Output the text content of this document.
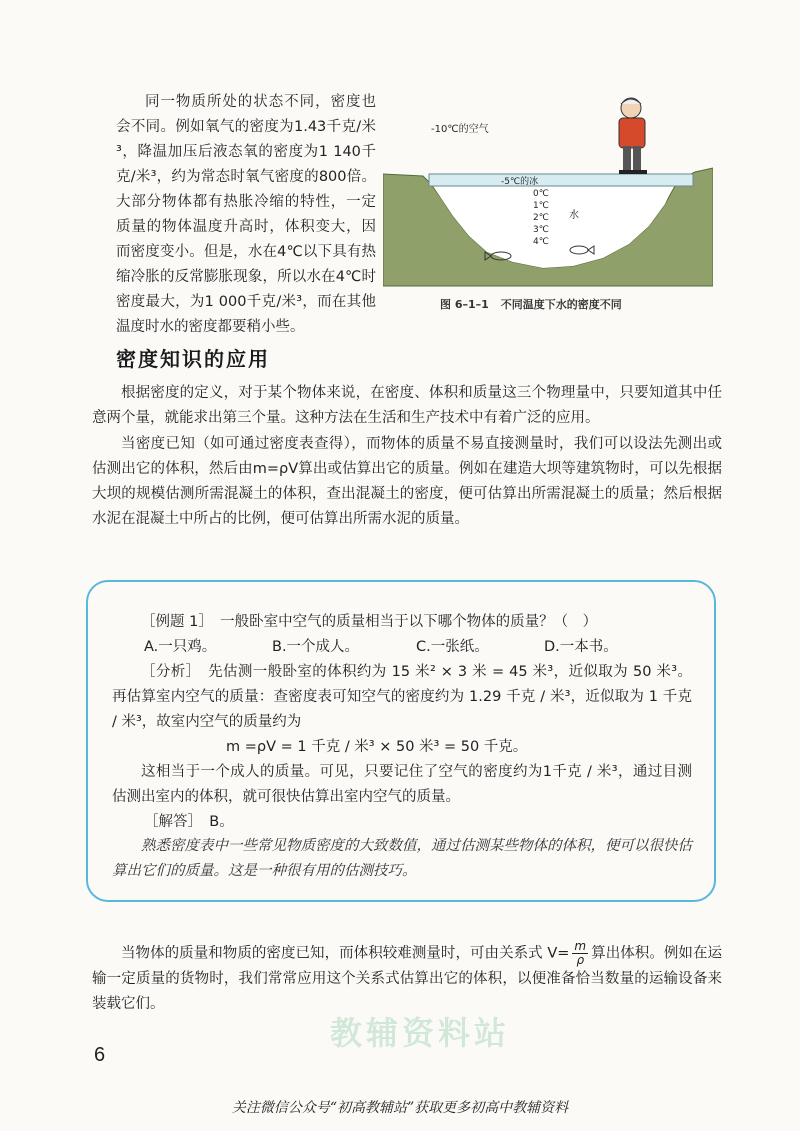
同一物质所处的状态不同，密度也会不同。例如氧气的密度为1.43千克/米³，降温加压后液态氧的密度为1 140千克/米³，约为常态时氧气密度的800倍。大部分物体都有热胀冷缩的特性，一定质量的物体温度升高时，体积变大，因而密度变小。但是，水在4℃以下具有热缩冷胀的反常膨胀现象，所以水在4℃时密度最大，为1 000千克/米³，而在其他温度时水的密度都要稍小些。

-10℃的空气
-5℃的冰
水
0℃
1℃
2℃
3℃
4℃
图 6–1–1 不同温度下水的密度不同
密度知识的应用

根据密度的定义，对于某个物体来说，在密度、体积和质量这三个物理量中，只要知道其中任意两个量，就能求出第三个量。这种方法在生活和生产技术中有着广泛的应用。

当密度已知（如可通过密度表查得），而物体的质量不易直接测量时，我们可以设法先测出或估测出它的体积，然后由m=ρV算出或估算出它的质量。例如在建造大坝等建筑物时，可以先根据大坝的规模估测所需混凝土的体积，查出混凝土的密度，便可估算出所需混凝土的质量；然后根据水泥在混凝土中所占的比例，便可估算出所需水泥的质量。

［例题 1］　一般卧室中空气的质量相当于以下哪个物体的质量？（　）

A.一只鸡。	B.一个成人。	C.一张纸。	D.一本书。

［分析］　先估测一般卧室的体积约为 15 米² × 3 米 = 45 米³，近似取为 50 米³。再估算室内空气的质量：查密度表可知空气的密度约为 1.29 千克 / 米³，近似取为 1 千克 / 米³，故室内空气的质量约为

m =ρV = 1 千克 / 米³ × 50 米³ = 50 千克。

这相当于一个成人的质量。可见，只要记住了空气的密度约为1千克 / 米³，通过目测估测出室内的体积，就可很快估算出室内空气的质量。

［解答］　B。

熟悉密度表中一些常见物质密度的大致数值，通过估测某些物体的体积，便可以很快估算出它们的质量。这是一种很有用的估测技巧。

当物体的质量和物质的密度已知，而体积较难测量时，可由关系式 $V= \frac{m}{\rho}$ 算出体积。例如在运输一定质量的货物时，我们常常应用这个关系式估算出它的体积，以便准备恰当数量的运输设备来装载它们。

教辅资料站

6

关注微信公众号“初高教辅站”获取更多初高中教辅资料
